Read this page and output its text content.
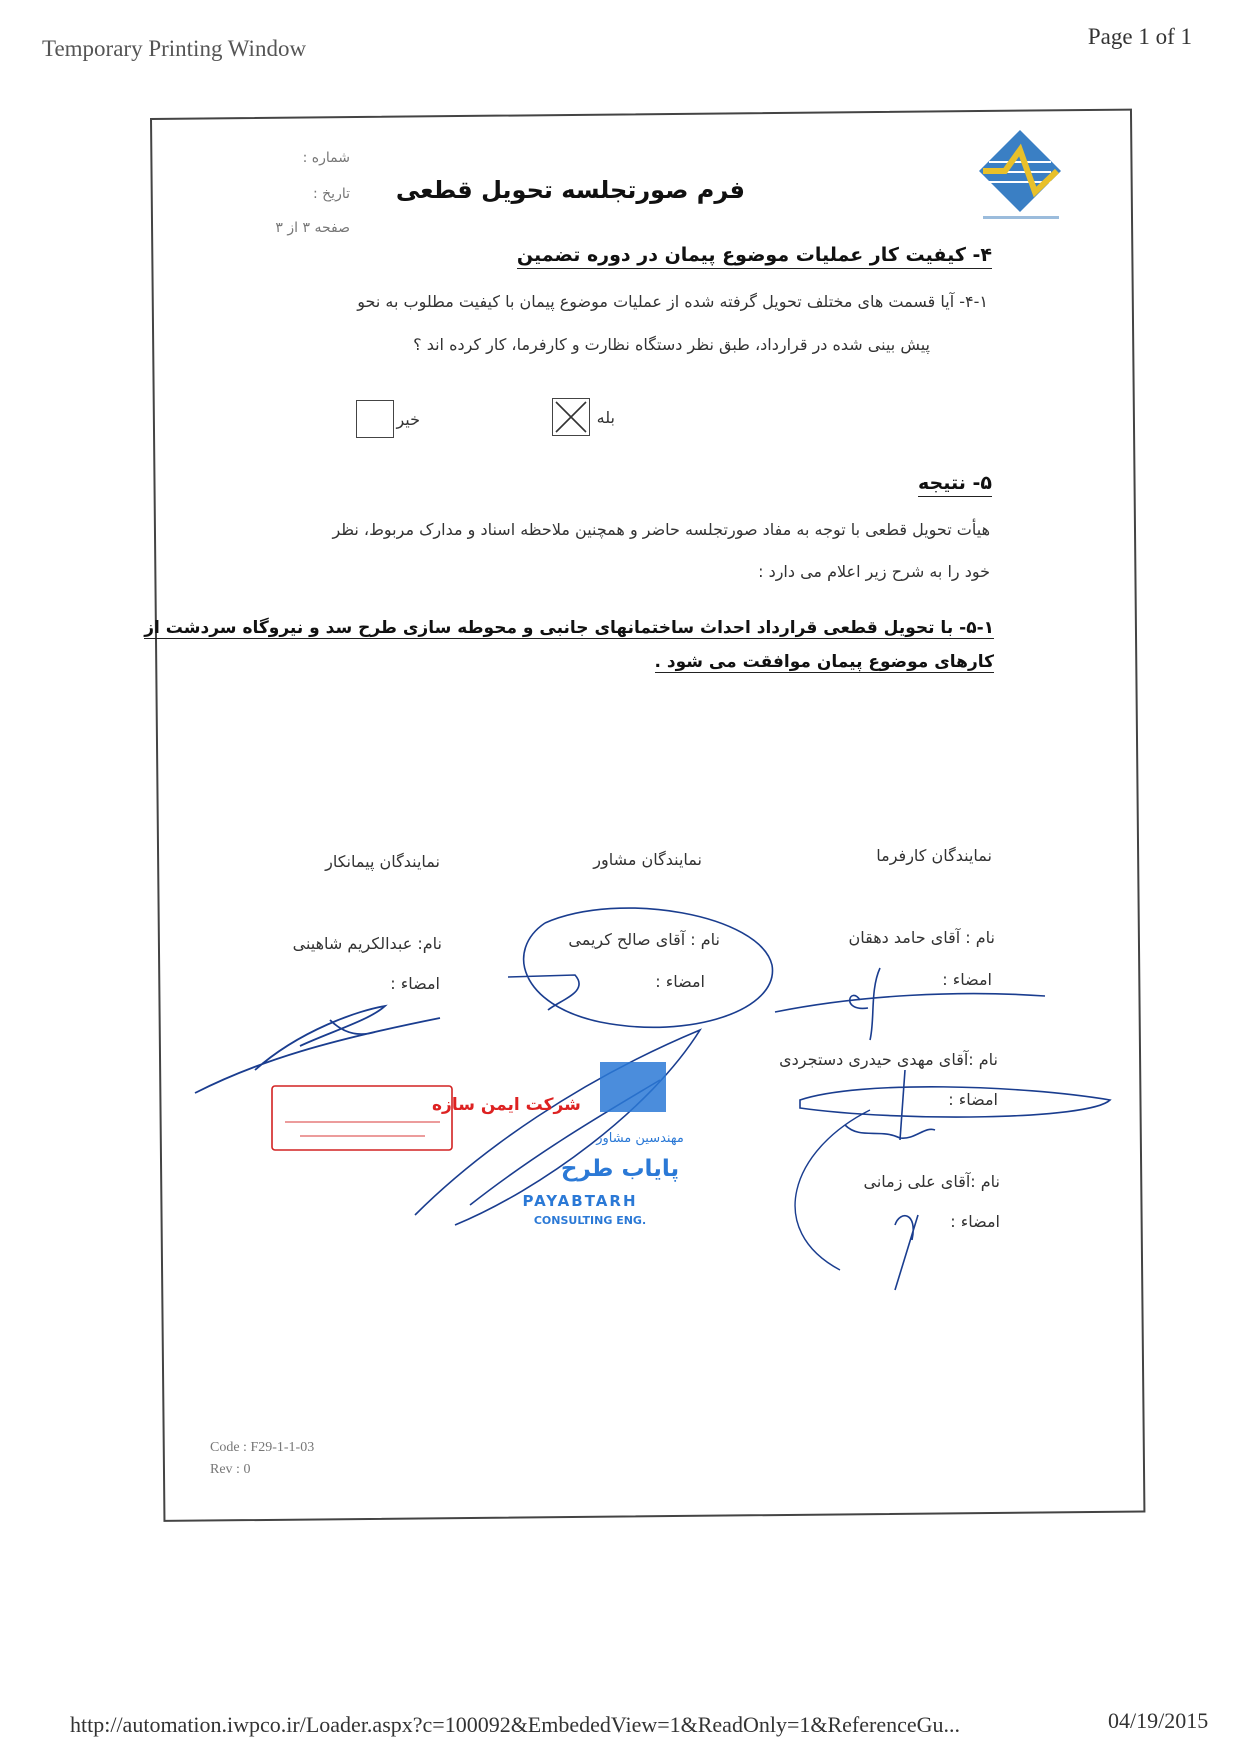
Temporary Printing Window	Page 1 of 1
شماره :
تاریخ :
صفحه ۳ از ۳
فرم صورتجلسه تحویل قطعی
۴- کیفیت کار عملیات موضوع پیمان در دوره تضمین
۴-۱- آیا قسمت های مختلف تحویل گرفته شده از عملیات موضوع پیمان با کیفیت مطلوب به نحو
پیش بینی شده در قرارداد، طبق نظر دستگاه نظارت و کارفرما، کار کرده اند ؟
بله
خیر
۵- نتیجه
هیأت تحویل قطعی با توجه به مفاد صورتجلسه حاضر و همچنین ملاحظه اسناد و مدارک مربوط، نظر
خود را به شرح زیر اعلام می دارد :
۵-۱- با تحویل قطعی قرارداد احداث ساختمانهای جانبی و محوطه سازی طرح سد و نیروگاه سردشت از
کارهای موضوع پیمان موافقت می شود .
نمایندگان کارفرما
نمایندگان مشاور
نمایندگان پیمانکار
نام : آقای حامد دهقان
امضاء :
نام :آقای مهدی حیدری دستجردی
امضاء :
نام :آقای علی زمانی
امضاء :
نام : آقای صالح کریمی
امضاء :
نام: عبدالکریم شاهینی
امضاء :
شرکت ایمن سازه
مهندسین مشاور
پایاب طرح
PAYABTARH
CONSULTING ENG.
Code : F29-1-1-03
Rev : 0
http://automation.iwpco.ir/Loader.aspx?c=100092&EmbededView=1&ReadOnly=1&ReferenceGu...	04/19/2015
